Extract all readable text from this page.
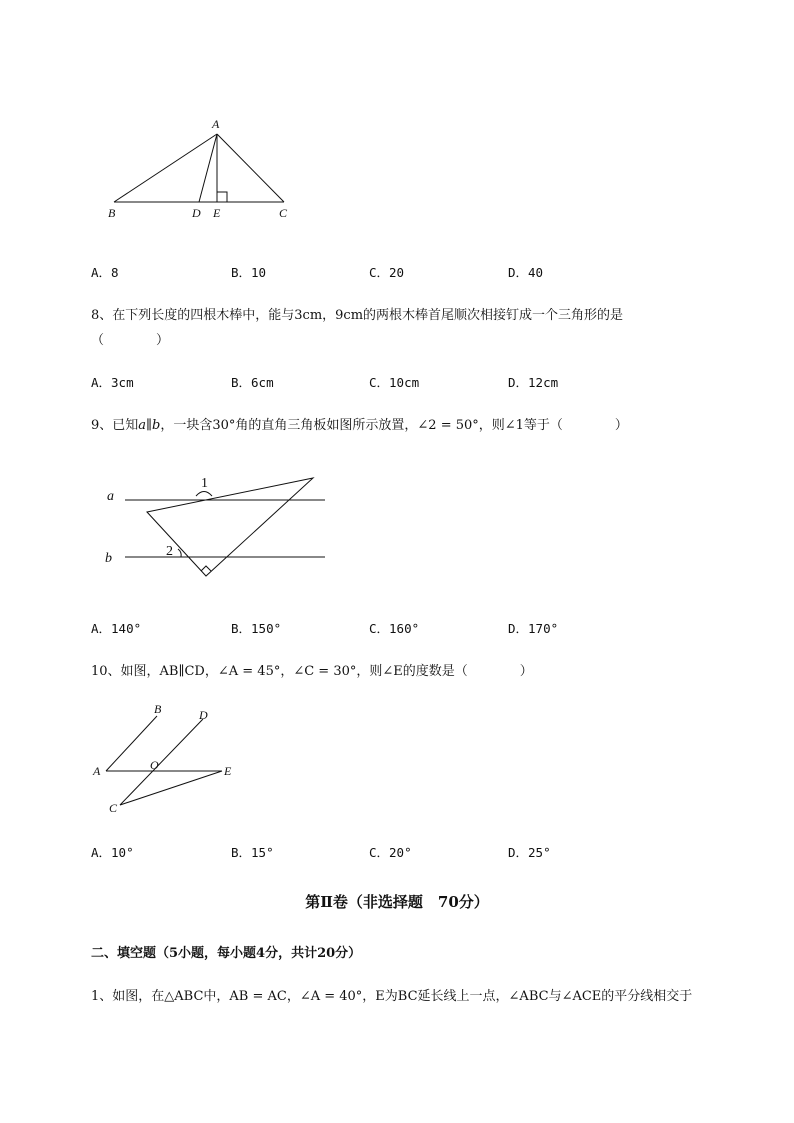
A
B	D E	C
A．8	B．10	C．20	D．40
8、在下列长度的四根木棒中，能与3cm，9cm的两根木棒首尾顺次相接钉成一个三角形的是
（　　　　）
A．3cm	B．6cm	C．10cm	D．12cm
9、已知a∥b，一块含30°角的直角三角板如图所示放置，∠2 = 50°，则∠1等于（　　　　）
a
b
1
2
A．140°	B．150°	C．160°	D．170°
10、如图，AB∥CD，∠A = 45°，∠C = 30°，则∠E的度数是（　　　　）
A
B	D
O	E
C
A．10°	B．15°	C．20°	D．25°
第Ⅱ卷（非选择题　70分）
二、填空题（5小题，每小题4分，共计20分）
1、如图，在△ABC中，AB = AC，∠A = 40°，E为BC延长线上一点，∠ABC与∠ACE的平分线相交于
